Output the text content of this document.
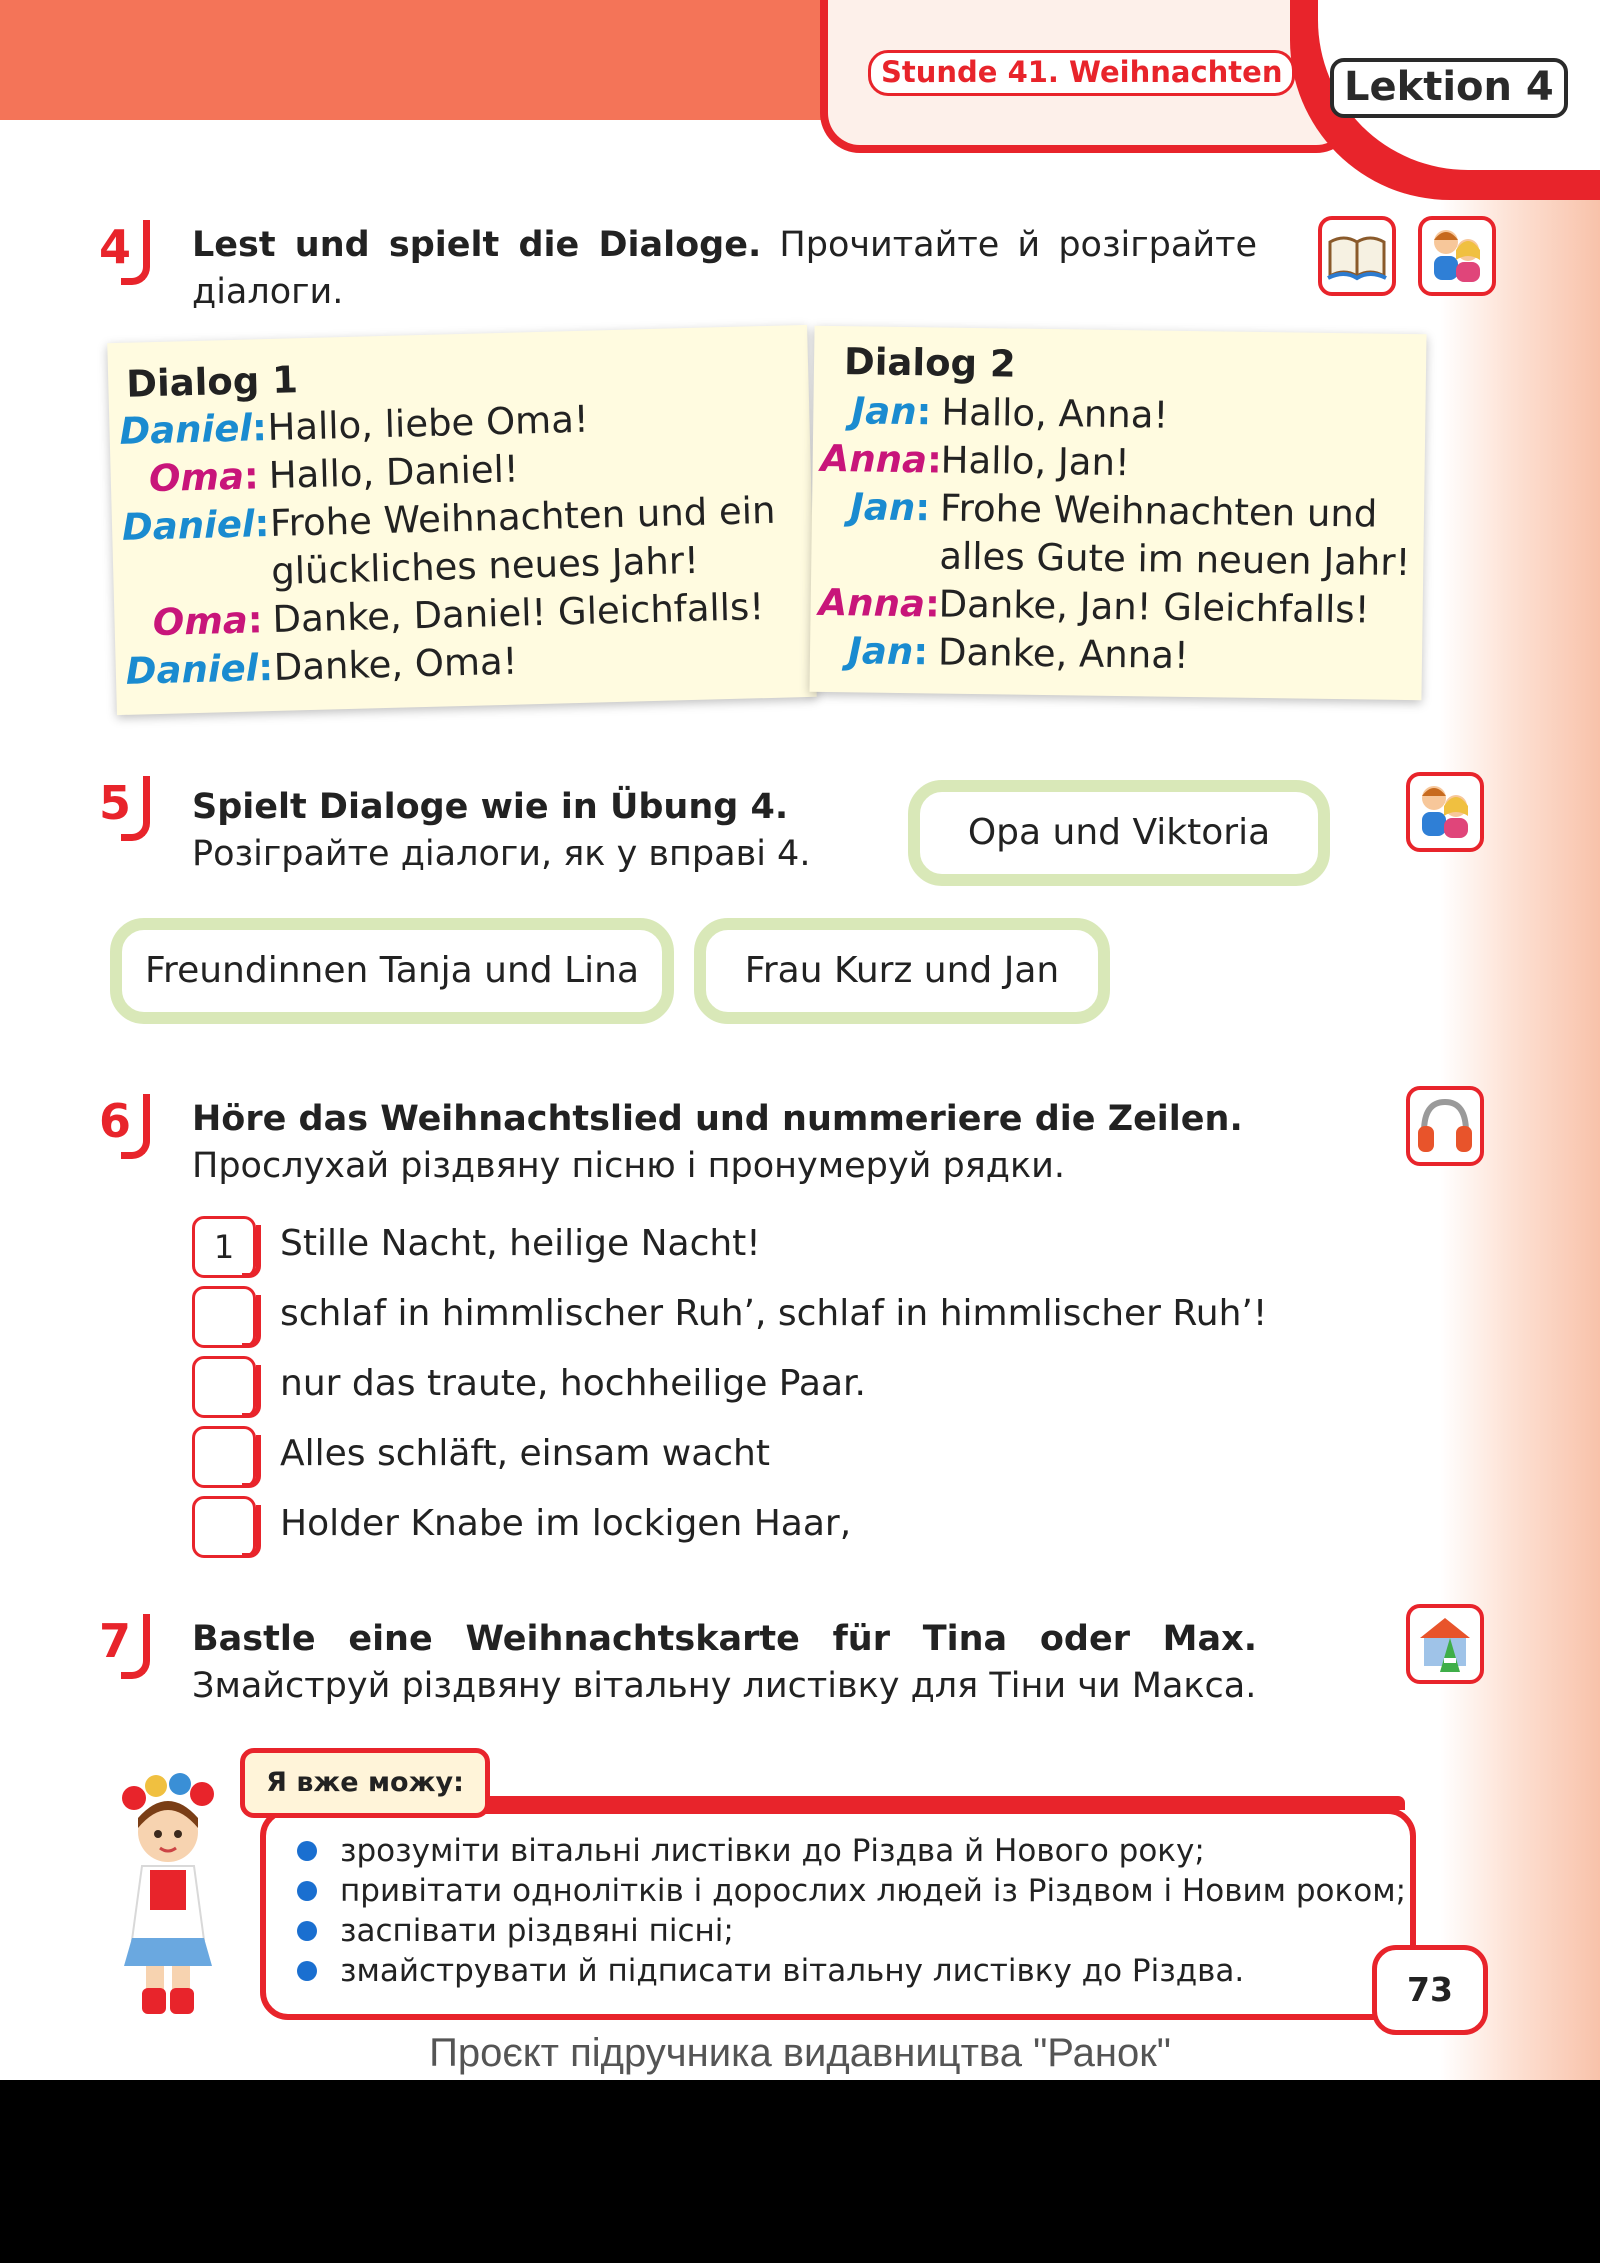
Stunde 41. Weihnachten	Lektion 4
4	Lest und spielt die Dialoge. Прочитайте й розіграйте діалоги.
Dialog 1
Daniel:Hallo, liebe Oma!
Oma: Hallo, Daniel!
Daniel:Frohe Weihnachten und ein
glückliches neues Jahr!
Oma: Danke, Daniel! Gleichfalls!
Daniel:Danke, Oma!
Dialog 2
Jan: Hallo, Anna!
Anna:Hallo, Jan!
Jan: Frohe Weihnachten und
alles Gute im neuen Jahr!
Anna:Danke, Jan! Gleichfalls!
Jan: Danke, Anna!
5	Spielt Dialoge wie in Übung 4.
Розіграйте діалоги, як у вправі 4.
Opa und Viktoria
Freundinnen Tanja und Lina	Frau Kurz und Jan
6	Höre das Weihnachtslied und nummeriere die Zeilen.
Прослухай різдвяну пісню і пронумеруй рядки.
1	Stille Nacht, heilige Nacht!
schlaf in himmlischer Ruh’, schlaf in himmlischer Ruh’!
nur das traute, hochheilige Paar.
Alles schläft, einsam wacht
Holder Knabe im lockigen Haar,
7	Bastle eine Weihnachtskarte für Tina oder Max. Змайструй різдвяну вітальну листівку для Тіни чи Макса.
Я вже можу:
зрозуміти вітальні листівки до Різдва й Нового року;
привітати однолітків і дорослих людей із Різдвом і Новим роком;
заспівати різдвяні пісні;
змайструвати й підписати вітальну листівку до Різдва.	73
Проєкт підручника видавництва "Ранок"
